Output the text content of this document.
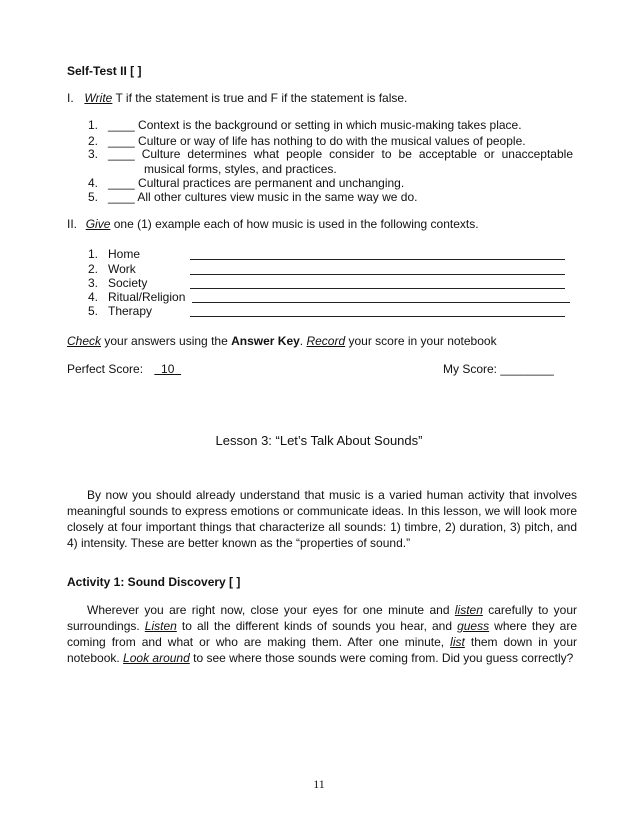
Self-Test II [ ]
I. Write T if the statement is true and F if the statement is false.
1. ____ Context is the background or setting in which music-making takes place.
2. ____ Culture or way of life has nothing to do with the musical values of people.
3. ____ Culture determines what people consider to be acceptable or unacceptable
musical forms, styles, and practices.
4. ____ Cultural practices are permanent and unchanging.
5. ____ All other cultures view music in the same way we do.
II. Give one (1) example each of how music is used in the following contexts.
1. Home
2. Work
3. Society
4. Ritual/Religion
5. Therapy
Check your answers using the Answer Key. Record your score in your notebook
Perfect Score: 10	My Score: ________
Lesson 3: “Let’s Talk About Sounds”
By now you should already understand that music is a varied human activity that involves meaningful sounds to express emotions or communicate ideas. In this lesson, we will look more closely at four important things that characterize all sounds: 1) timbre, 2) duration, 3) pitch, and 4) intensity. These are better known as the “properties of sound.”
Activity 1: Sound Discovery [ ]
Wherever you are right now, close your eyes for one minute and listen carefully to your surroundings. Listen to all the different kinds of sounds you hear, and guess where they are coming from and what or who are making them. After one minute, list them down in your notebook. Look around to see where those sounds were coming from. Did you guess correctly?
11
